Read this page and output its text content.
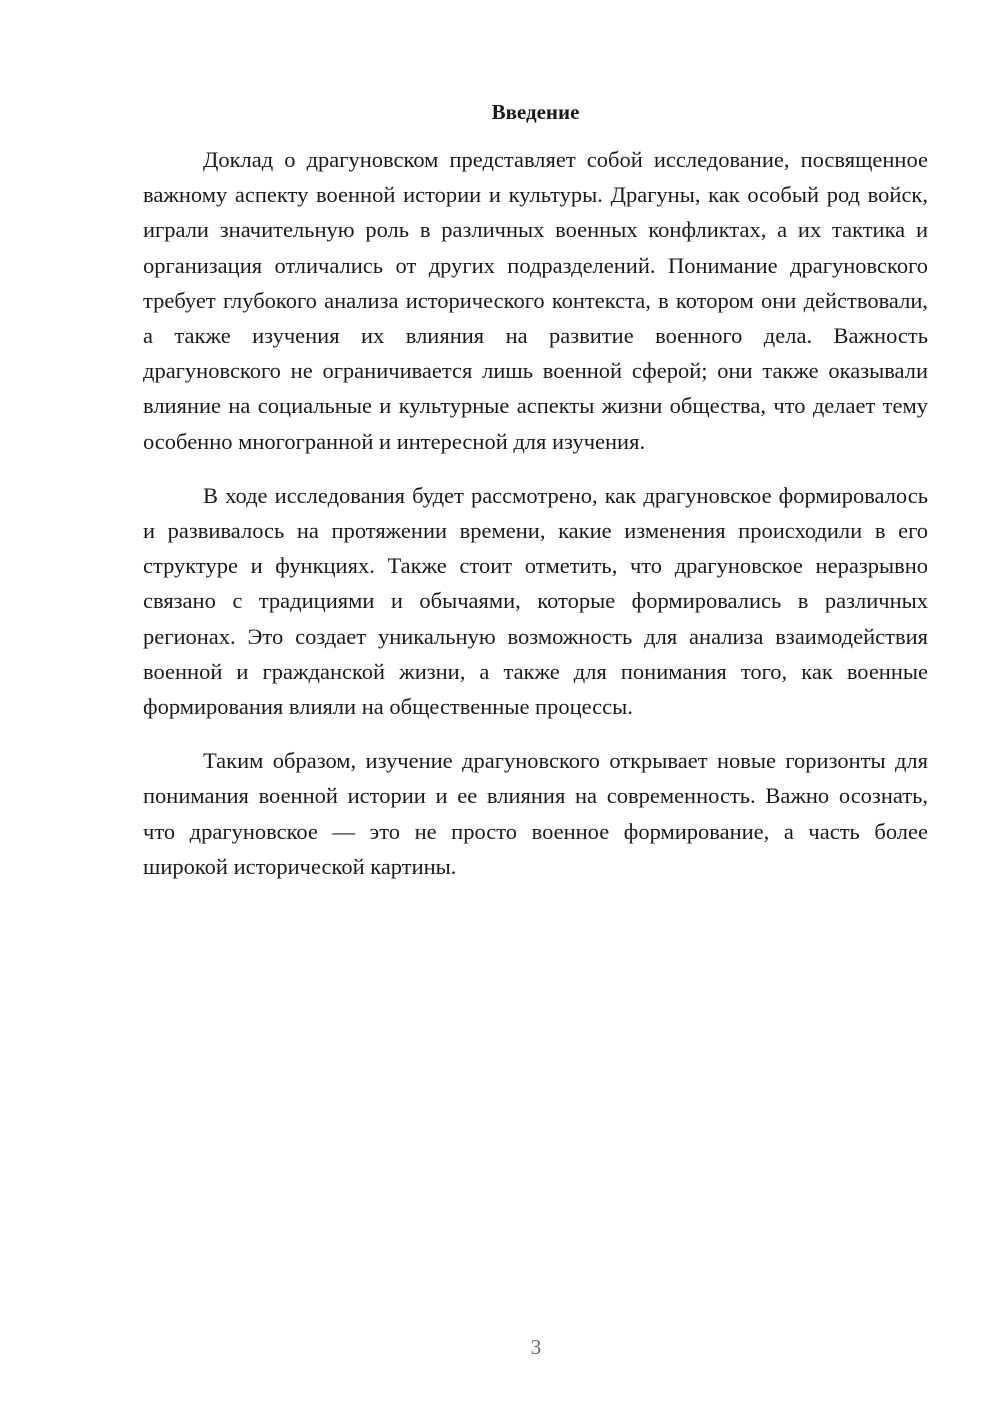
Введение

Доклад о драгуновском представляет собой исследование, посвященное важному аспекту военной истории и культуры. Драгуны, как особый род войск, играли значительную роль в различных военных конфликтах, а их тактика и организация отличались от других подразделений. Понимание драгуновского требует глубокого анализа исторического контекста, в котором они действовали, а также изучения их влияния на развитие военного дела. Важность драгуновского не ограничивается лишь военной сферой; они также оказывали влияние на социальные и культурные аспекты жизни общества, что делает тему особенно многогранной и интересной для изучения.

В ходе исследования будет рассмотрено, как драгуновское формировалось и развивалось на протяжении времени, какие изменения происходили в его структуре и функциях. Также стоит отметить, что драгуновское неразрывно связано с традициями и обычаями, которые формировались в различных регионах. Это создает уникальную возможность для анализа взаимодействия военной и гражданской жизни, а также для понимания того, как военные формирования влияли на общественные процессы.

Таким образом, изучение драгуновского открывает новые горизонты для понимания военной истории и ее влияния на современность. Важно осознать, что драгуновское — это не просто военное формирование, а часть более широкой исторической картины.

3
